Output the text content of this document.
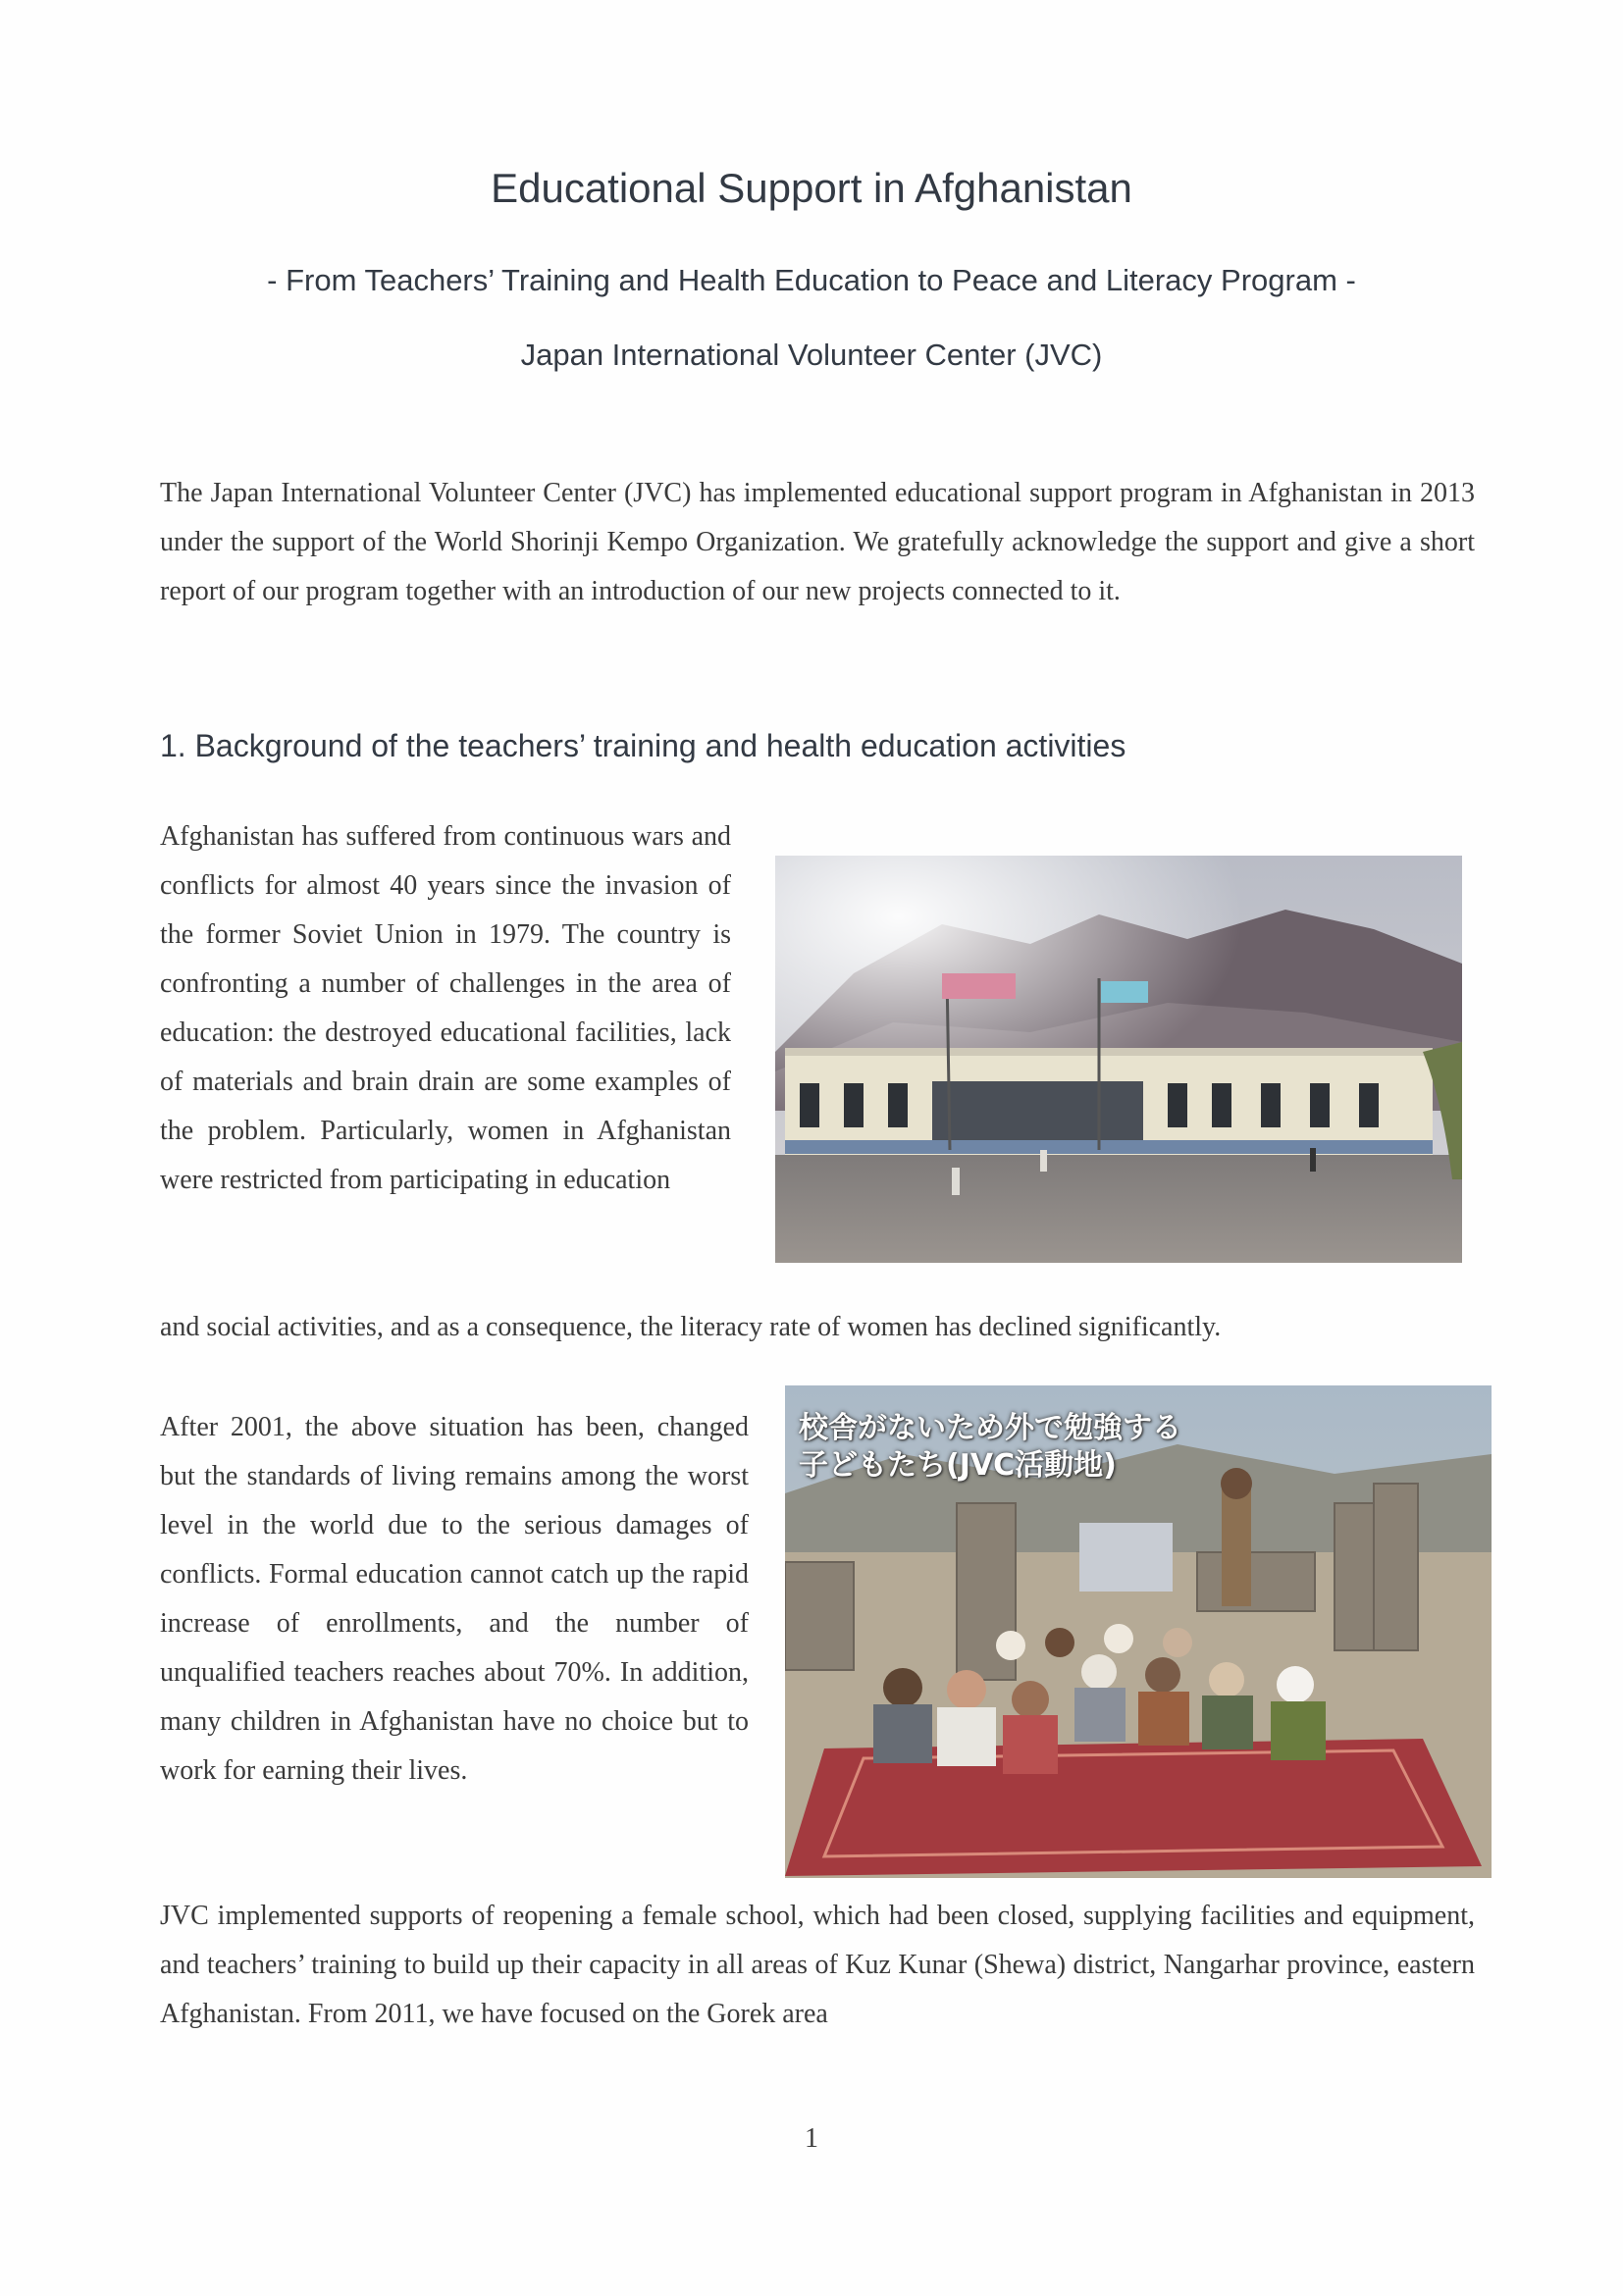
Educational Support in Afghanistan

- From Teachers’ Training and Health Education to Peace and Literacy Program -

Japan International Volunteer Center (JVC)

The Japan International Volunteer Center (JVC) has implemented educational support program in Afghanistan in 2013 under the support of the World Shorinji Kempo Organization. We gratefully acknowledge the support and give a short report of our program together with an introduction of our new projects connected to it.

1. Background of the teachers’ training and health education activities

Afghanistan has suffered from continuous wars and conflicts for almost 40 years since the invasion of the former Soviet Union in 1979. The country is confronting a number of challenges in the area of education: the destroyed educational facilities, lack of materials and brain drain are some examples of the problem. Particularly, women in Afghanistan were restricted from participating in education

and social activities, and as a consequence, the literacy rate of women has declined significantly.

After 2001, the above situation has been, changed but the standards of living remains among the worst level in the world due to the serious damages of conflicts. Formal education cannot catch up the rapid increase of enrollments, and the number of unqualified teachers reaches about 70%. In addition, many children in Afghanistan have no choice but to work for earning their lives.

校舎がないため外で勉強する
子どもたち(JVC活動地)

JVC implemented supports of reopening a female school, which had been closed, supplying facilities and equipment, and teachers’ training to build up their capacity in all areas of Kuz Kunar (Shewa) district, Nangarhar province, eastern Afghanistan. From 2011, we have focused on the Gorek area

1
